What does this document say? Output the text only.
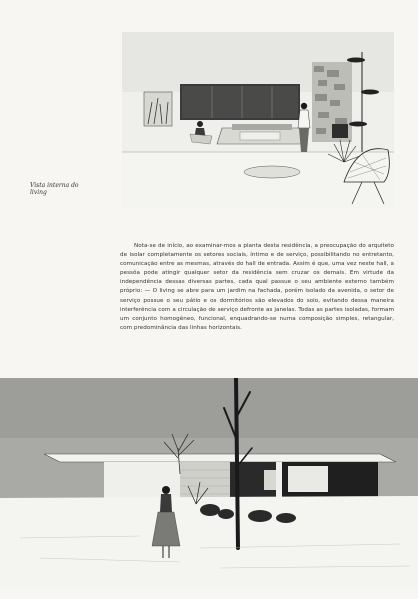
Vista interna do
living

Nota-se de início, ao examinar-mos a planta desta residência, a preocupação do arquiteto de isolar completamente os setores sociais, íntimo e de serviço, possibilitando no entretanto, comunicação entre as mesmas, através do hall de entrada. Assim é que, uma vez neste hall, a pessôa pode atingir qualquer setor da residência sem cruzar os demais. Em virtude da independência dessas diversas partes, cada qual passue o seu ambiente externo também próprio: — O living se abre para um jardim na fachada, porém isolado da avenida, o setor de serviço possue o seu pátio e os dormitórios são elevados do solo, evitando dessa maneira interferência com a circulação de serviço defronte as janelas. Todas as partes isoladas, formam um conjunto homogêneo, funcional, enquadrando-se numa composição simples, retangular, com predominância das linhas horizontais.
